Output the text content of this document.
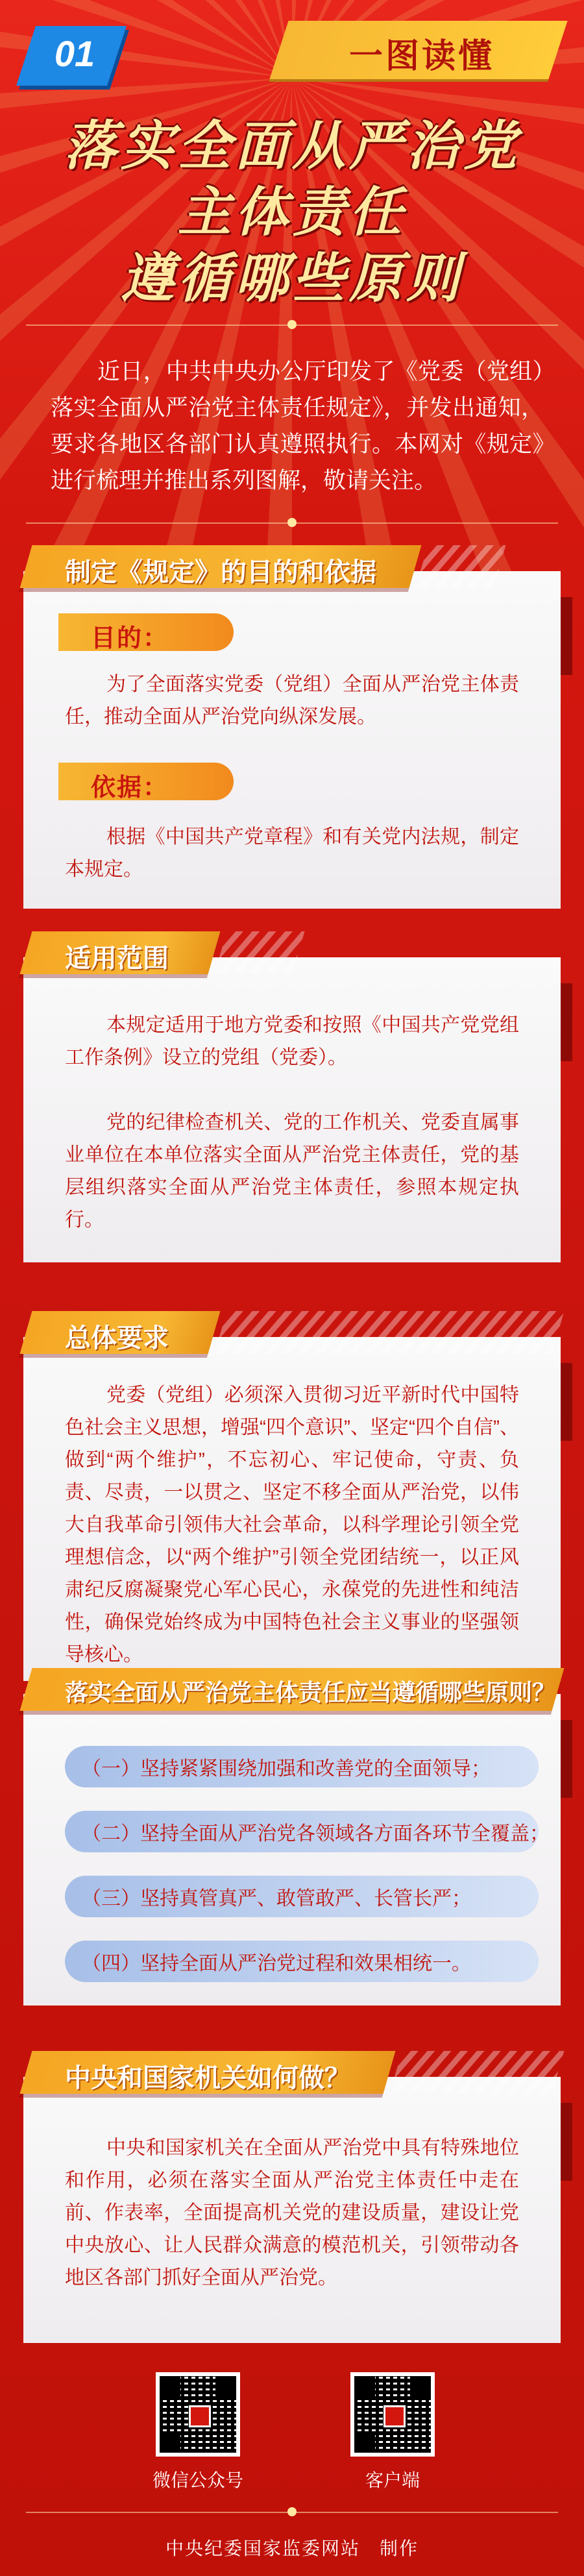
01	一图读懂
落实全面从严治党
主体责任
遵循哪些原则
近日，中共中央办公厅印发了《党委（党组）落实全面从严治党主体责任规定》，并发出通知，要求各地区各部门认真遵照执行。本网对《规定》进行梳理并推出系列图解，敬请关注。
制定《规定》的目的和依据
目的：
为了全面落实党委（党组）全面从严治党主体责任，推动全面从严治党向纵深发展。
依据：
根据《中国共产党章程》和有关党内法规，制定本规定。
适用范围
本规定适用于地方党委和按照《中国共产党党组工作条例》设立的党组（党委）。
党的纪律检查机关、党的工作机关、党委直属事业单位在本单位落实全面从严治党主体责任，党的基层组织落实全面从严治党主体责任，参照本规定执行。
总体要求
党委（党组）必须深入贯彻习近平新时代中国特色社会主义思想，增强“四个意识”、坚定“四个自信”、做到“两个维护”，不忘初心、牢记使命，守责、负责、尽责，一以贯之、坚定不移全面从严治党，以伟大自我革命引领伟大社会革命，以科学理论引领全党理想信念，以“两个维护”引领全党团结统一，以正风肃纪反腐凝聚党心军心民心，永葆党的先进性和纯洁性，确保党始终成为中国特色社会主义事业的坚强领导核心。
落实全面从严治党主体责任应当遵循哪些原则？
（一）坚持紧紧围绕加强和改善党的全面领导；
（二）坚持全面从严治党各领域各方面各环节全覆盖；
（三）坚持真管真严、敢管敢严、长管长严；
（四）坚持全面从严治党过程和效果相统一。
中央和国家机关如何做？
中央和国家机关在全面从严治党中具有特殊地位和作用，必须在落实全面从严治党主体责任中走在前、作表率，全面提高机关党的建设质量，建设让党中央放心、让人民群众满意的模范机关，引领带动各地区各部门抓好全面从严治党。
微信公众号	客户端
中央纪委国家监委网站　制作
